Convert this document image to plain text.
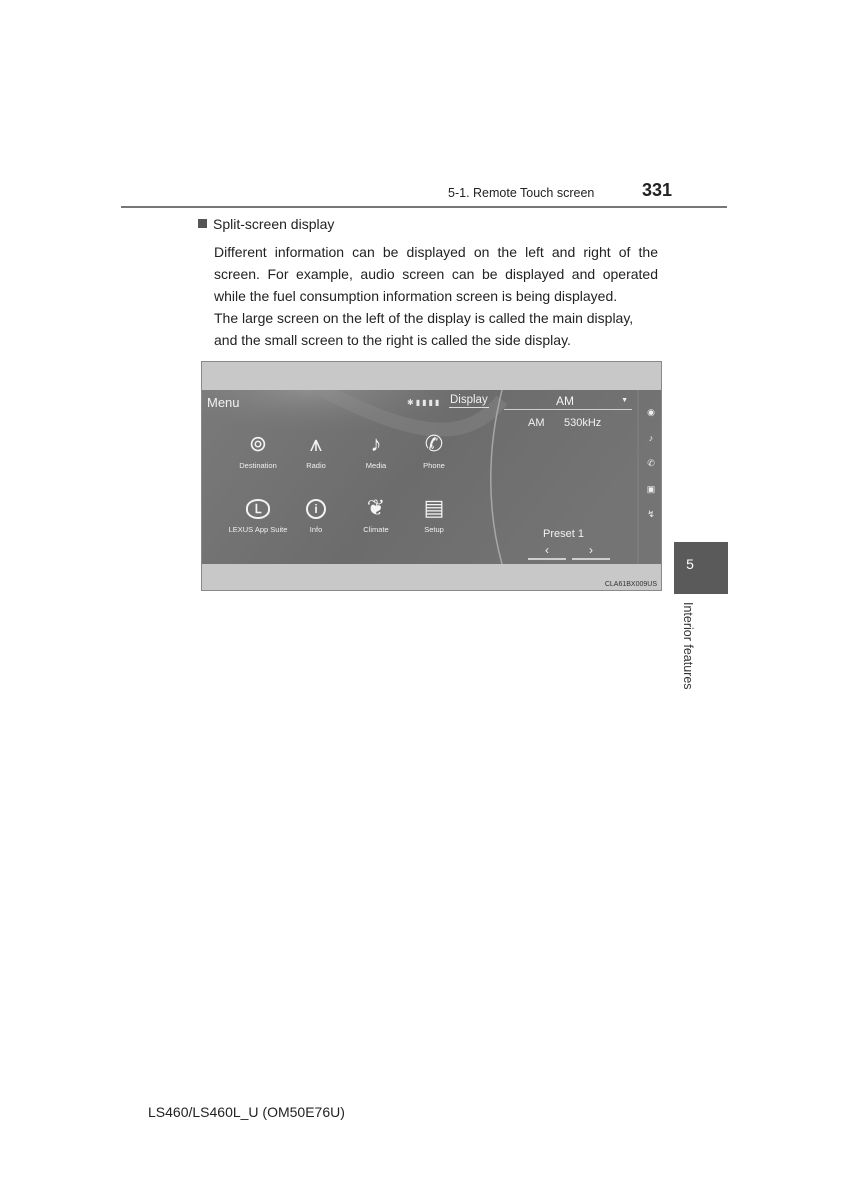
5-1. Remote Touch screen	331
Split-screen display

Different information can be displayed on the left and right of the screen. For example, audio screen can be displayed and operated while the fuel consumption information screen is being displayed.

The large screen on the left of the display is called the main display, and the small screen to the right is called the side display.

Menu	✱▮▮▮▮ Display
⊚
Destination
⩚
Radio
♪
Media
✆
Phone
ᒪ
LEXUS App Suite
i
Info
❦
Climate
▤
Setup
AM	▼
AM 530kHz
Preset 1
‹	›
◉
♪
✆
▣
↯
CLA61BX009US
5
Interior features
LS460/LS460L_U (OM50E76U)
